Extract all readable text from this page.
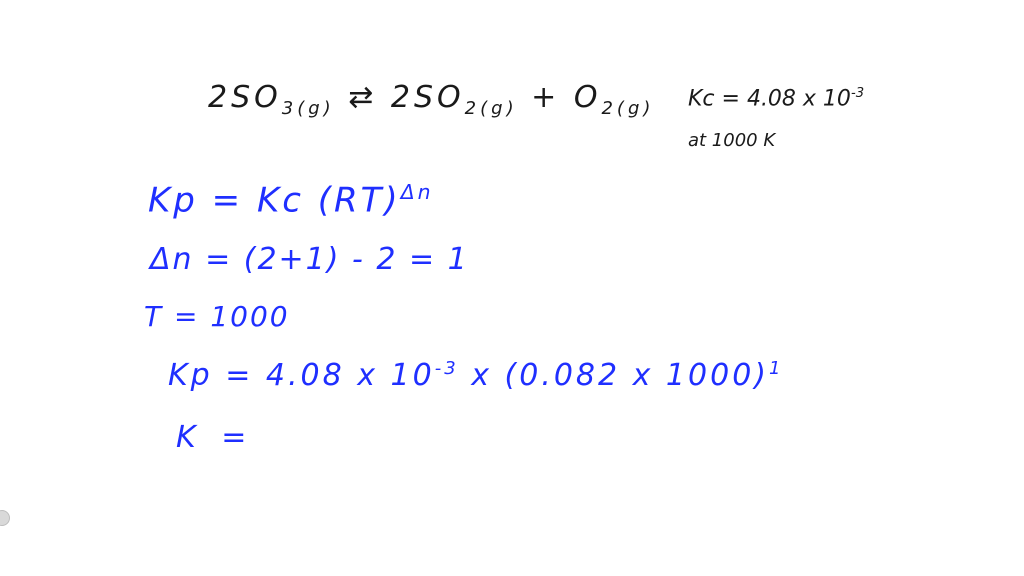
$2SO_{3(g)}$ ⇄ $2SO_{2(g)} + O_{2(g)}$ Kc = 4.08 x $10^{-3}$
at 1000 K
Kp = Kc (RT)$^{\Delta n}$
Δn = (2+1) - 2 = 1
T = 1000
Kp = 4.08 x $10^{-3}$ x (0.082 x 1000)$^1$
K =
